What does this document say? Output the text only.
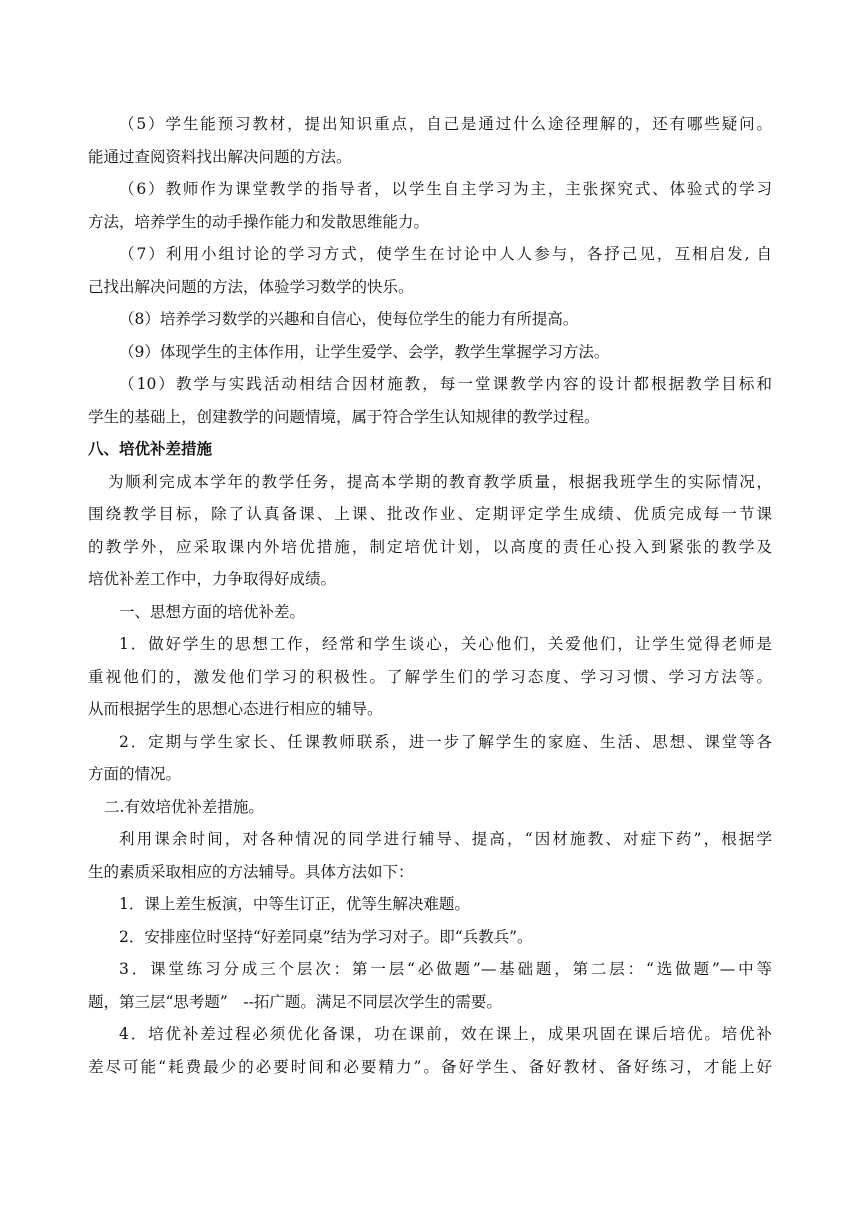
（5）学生能预习教材，提出知识重点，自己是通过什么途径理解的，还有哪些疑问。
能通过查阅资料找出解决问题的方法。
（6）教师作为课堂教学的指导者，以学生自主学习为主，主张探究式、体验式的学习
方法，培养学生的动手操作能力和发散思维能力。
（7）利用小组讨论的学习方式，使学生在讨论中人人参与，各抒己见，互相启发, 自
己找出解决问题的方法，体验学习数学的快乐。
（8）培养学习数学的兴趣和自信心，使每位学生的能力有所提高。
（9）体现学生的主体作用，让学生爱学、会学，教学生掌握学习方法。
（10）教学与实践活动相结合因材施教，每一堂课教学内容的设计都根据教学目标和
学生的基础上，创建教学的问题情境，属于符合学生认知规律的教学过程。
八、培优补差措施
为顺利完成本学年的教学任务，提高本学期的教育教学质量，根据我班学生的实际情况，
围绕教学目标，除了认真备课、上课、批改作业、定期评定学生成绩、优质完成每一节课
的教学外，应采取课内外培优措施，制定培优计划，以高度的责任心投入到紧张的教学及
培优补差工作中，力争取得好成绩。
一、思想方面的培优补差。
1．做好学生的思想工作，经常和学生谈心，关心他们，关爱他们，让学生觉得老师是
重视他们的，激发他们学习的积极性。了解学生们的学习态度、学习习惯、学习方法等。
从而根据学生的思想心态进行相应的辅导。
2．定期与学生家长、任课教师联系，进一步了解学生的家庭、生活、思想、课堂等各
方面的情况。
二.有效培优补差措施。
利用课余时间，对各种情况的同学进行辅导、提高，“因材施教、对症下药”，根据学
生的素质采取相应的方法辅导。具体方法如下：
1．课上差生板演，中等生订正，优等生解决难题。
2．安排座位时坚持“好差同桌”结为学习对子。即“兵教兵”。
3．课堂练习分成三个层次：第一层“必做题”—基础题，第二层：“选做题”—中等
题，第三层“思考题”　--拓广题。满足不同层次学生的需要。
4．培优补差过程必须优化备课，功在课前，效在课上，成果巩固在课后培优。培优补
差尽可能“耗费最少的必要时间和必要精力”。备好学生、备好教材、备好练习，才能上好
